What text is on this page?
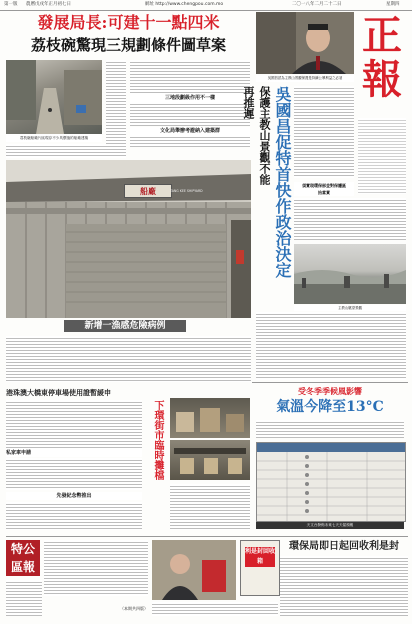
第一版 農曆戊戌年正月初七日	網址 http://www.chengpou.com.mo	二〇一八年二月二十二日	星期四
發展局長:可建十一點四米
荔枝碗驚現三規劃條件圖草案
荔枝碗船廠片區現存不少具價值的船廠建築
三地段劃級作用不一樣
文化局舉辦考證納入建築群
船廠	TANG KEE SHIPYARD
新增一漁感危險病例
吳國昌認為主教山景觀保護是持續公眾利益之必須
保護主教山景觀不能再推遲	吳國昌促特首快作政治決定	須實現環保部並對保護區
抬當責
正
報
主教山眺望景觀
受冬季季候風影響
氣溫今降至13°C
天文台發佈未來七天天氣預報
港珠澳大橋東停車場使用證暫緩申
私家車申請
先發紀念幣推出
下環街市臨時攤檔
特公
區報
（本期共四版）
利是封回收箱
環保局即日起回收利是封
